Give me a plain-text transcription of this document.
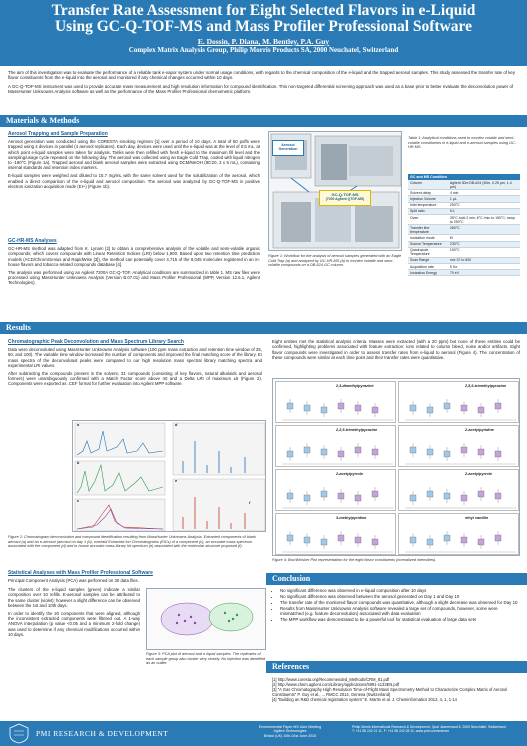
Transfer Rate Assessment for Eight Selected Flavors in e-Liquid
Using GC-Q-TOF-MS and Mass Profiler Professional Software
E. Dossin, P. Diana, M. Bentley, P.A. Guy
Complex Matrix Analysis Group, Philip Morris Products SA, 2000 Neuchatel, Switzerland

The aim of this investigation was to evaluate the performance of a reliable tank e-vapor system under normal usage conditions, with regards to the chemical composition of the e-liquid and the trapped aerosol samples. This study assessed the transfer rate of key flavor constituents from the e-liquid into the aerosol and monitored if any chemical changes occurred within 10 days.

A GC-Q-TOF-MS instrument was used to provide accurate mass measurement and high resolution information for compound identification. This non-targeted differential screening approach was used as a base prior to better evaluate the deconvolution power of MassHunter Unknowns Analysis software as well as the performance of the Mass Profiler Professional chemometric platform.

Materials & Methods
Aerosol Trapping and Sample Preparation

Aerosol generation was conducted using the CORESTA smoking regimen [1] over a period of 10 days. A total of 50 puffs were trapped using 4 devices in parallel (4 aerosol replicates). Each day, devices were used until the e-liquid was at the level of 0.5 mL, at which point e-liquid samples were taken for analysis. Tanks were then refilled with fresh e-liquid to the maximum fill level and the sampling/usage cycle repeated on the following day. The aerosol was collected using an Eagle Cold Trap, cooled with liquid nitrogen to -190°C (Figure 1a). Trapped aerosol and blank aerosol samples were extracted using DCM/MeOH (80:20, 2 x 5 mL), containing internal standards and retention index markers.

E-liquid samples were weighed and diluted to 15.7 mg/mL with the same solvent used for the solubilization of the aerosol, which enabled a direct comparison of the e-liquid and aerosol composition. The aerosol was analyzed by GC-Q-TOF-MS in positive electron ionization acquisition mode (EI+) (Figure 1b).

GC-HR-MS Analyses

GC-HR-MS method was adapted from K. Lynam [2] to obtain a comprehensive analysis of the volatile and semi-volatile organic compounds, which covers compounds with Linear Retention Indices (LRI) below 1,900. Based upon two retention time prediction models (ACD/ChromGenius and RapidWise [3]), the method can potentially cover 4,715 of the 9,045 molecules registered in an in-house flavors and tobacco-related compounds database [4].

The analysis was performed using an Agilent 7200A GC-Q-TOF. Analytical conditions are summarized in table 1. MS raw files were processed using MassHunter Unknowns Analysis (Version B.07.01) and Mass Profiler Professional (MPP, Version 12.6.1, Agilent Technologies).

Aerosol Generation
GC-Q-TOF-MS
(7200 Agilent QTOF-MS)
Figure 1: Workflow for the analysis of aerosol samples generated with an Eagle Cold Trap (a) and analyzed by GC-HR-MS (b) to monitor volatile and semi-volatile compounds on a DB-624 GC column.
Table 1: Analytical conditions used to monitor volatile and semi-volatile constituents in e-liquid and e-aerosol samples using GC-HR-MS.
GC and MS Condition	
Column	Agilent 30m DB-624 (30m, 0.25 µm, 1.4 µm)
Solvent delay	4 min
Injection Volume	1 µL
Inlet temperature	250°C
Split ratio	5:1
Oven	35°C hold 2 min; 6°C /min to 150°C; ramp to 250°C
Transfer line temperature	280°C
Ionization mode	EI
Source Temperature	230°C
Quadrupole Temperature	150°C
Scan Range	m/z 37 to 600
Acquisition rate	5 Hz
Ionization Energy	70 eV
Results
Chromatographic Peak Deconvolution and Mass Spectrum Library Search

Data were deconvoluted using MassHunter Unknowns Analysis software (100 ppm mass extraction and retention time window of 25, 50, and 100). The variable time window increased the number of components and improved the final matching score of the library. EI mass spectra of the deconvoluted peaks were compared to our high resolution mass spectral library matching spectra and experimental LRI values.

After subtracting the compounds present in the solvent, 31 compounds (consisting of key flavors, natural alkaloids and aerosol formers) were unambiguously confirmed with a Match Factor score above 40 and a Delta LRI of maximum ±5 (Figure 2). Components were exported as .CEF format for further evaluation into Agilent MPP software.

a
b
c
d
e
f
Figure 2: Chromatogram deconvolution and compound identification resulting from MassHunter Unknowns Analysis. Extracted components of blank aerosol (a) and an e-aerosol (aerosol on day 1 (b), overlaid Extracted Ion Chromatograms (EICs) of a component (c), an accurate mass spectrum associated with the component (d) and in-house accurate mass library hit spectrum (e) associated with the molecular structure proposed (f).
Statistical Analyses with Mass Profiler Professional Software
Principal Component Analysis (PCA) was performed on 30 data files.

The clusters of the e-liquid samples (green) indicate a similar composition over 10 refills. E-aerosol samples can be attributed to the same cluster (violet); however a slight difference can be observed between the 1st and 10th days.

In order to identify the 20 components that were aligned, although the inconsistent extracted components were filtered out. A 1-way ANOVA interpolation (p value <0.05 and a minimum 2-fold change) was used to determine if any chemical modifications occurred within 10 days.

Figure 3: PCA plot of aerosol and e-liquid samples. The replicates of each sample group also cluster very closely. No injection was identified as an outlier.
Eight entities met the statistical analysis criteria. Masses were extracted (with a 20 ppm) but none of these entities could be confirmed, highlighting problems associated with feature extraction: ions related to column bleed, noise and/or artifacts. Eight flavor compounds were investigated in order to assess transfer rates from e-liquid to aerosol (Figure 4). The concentration of these compounds were similar at each time point and their transfer rates were quantitative.
2,3-dimethylpyrazine	2,5,6-trimethylpyrazine
2,3,5-trimethylpyrazine	2-acetylpyridine
2-acetylpyrrole	2-acetylpyrrole
3-methylpyridine	ethyl vanillin
Figure 4: Box/Whisker Plot representation for the eight flavor constituents (normalized intensities).
Conclusion
• No significant difference was observed in e-liquid composition after 10 days
• No significant difference was observed between the aerosol generated on Day 1 and Day 10
• The transfer rate of the monitored flavor compounds was quantitative, although a slight decrease was observed for Day 10
• Results from MassHunter Unknowns Analysis software revealed a large set of compounds, however, some were mismatched (e.g. feature deconvolution) associated with data evaluation
• The MPP workflow was demonstrated to be a powerful tool for statistical evaluation of large data sets
References
[1] http://www.coresta.org/Recommended_Methods/CRM_81.pdf
[2] http://www.chem.agilent.com/Library/applications/5991-1133EN.pdf
[3] "A Gas Chromatography High Resolution Time-of-Flight Mass Spectrometry Method to Characterize Complex Matrix of Aerosol Constituents" P. Guy et al., ... RMCC 2014, Geneva (Switzerland)
[4] "Building an R&D chemical registration system" E. Martin et al. J. Cheminformatics 2012, 4, 1, 1-14
PMI RESEARCH & DEVELOPMENT
Environmental Paper MS User Meeting
Agilent Technologies
Bristol (UK) 10th-01st June 2015
Philip Morris International Research & Development, Quai Jeanrenaud 5, 2000 Neuchâtel, Switzerland
T: +41 58 242 21 11, F: +41 58 242 28 11, www.pmi.com/science
